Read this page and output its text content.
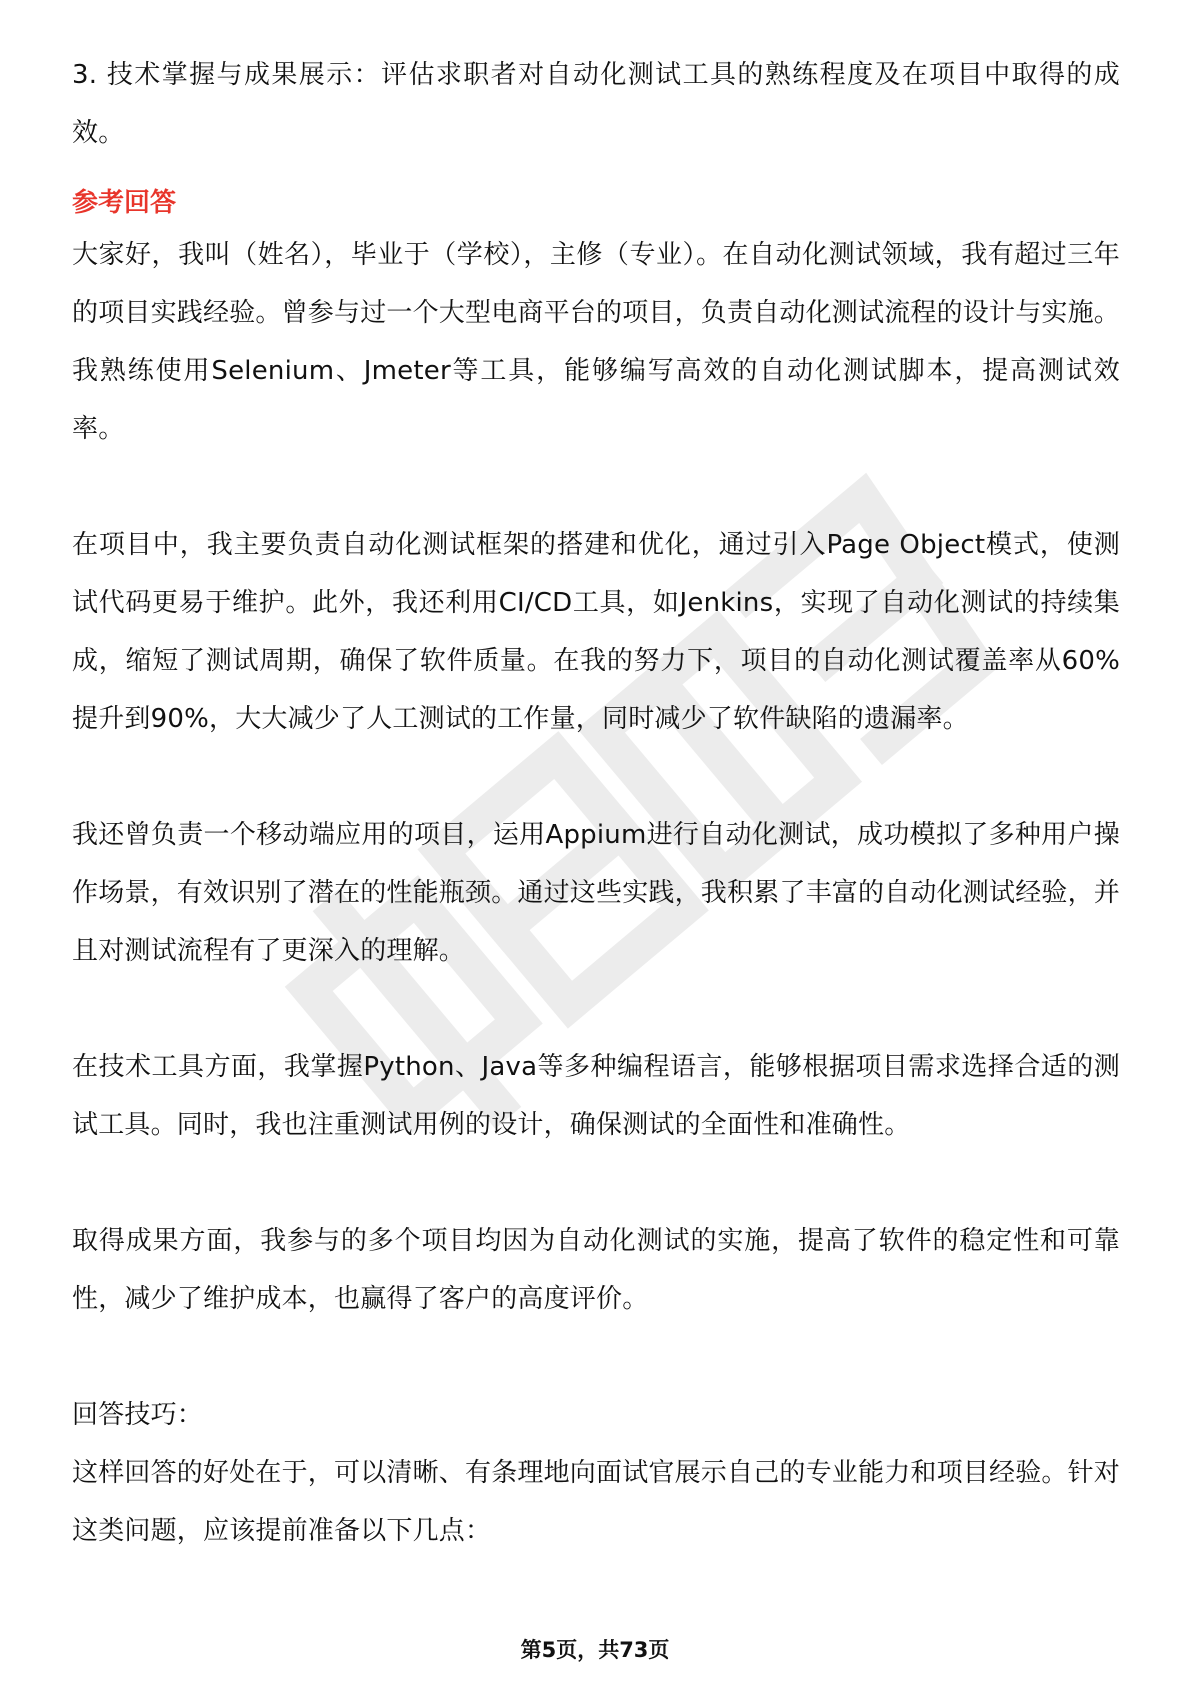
3. 技术掌握与成果展示：评估求职者对自动化测试工具的熟练程度及在项目中取得的成效。

参考回答

大家好，我叫（姓名），毕业于（学校），主修（专业）。在自动化测试领域，我有超过三年的项目实践经验。曾参与过一个大型电商平台的项目，负责自动化测试流程的设计与实施。我熟练使用Selenium、Jmeter等工具，能够编写高效的自动化测试脚本，提高测试效率。

在项目中，我主要负责自动化测试框架的搭建和优化，通过引入Page Object模式，使测试代码更易于维护。此外，我还利用CI/CD工具，如Jenkins，实现了自动化测试的持续集成，缩短了测试周期，确保了软件质量。在我的努力下，项目的自动化测试覆盖率从60%提升到90%，大大减少了人工测试的工作量，同时减少了软件缺陷的遗漏率。

我还曾负责一个移动端应用的项目，运用Appium进行自动化测试，成功模拟了多种用户操作场景，有效识别了潜在的性能瓶颈。通过这些实践，我积累了丰富的自动化测试经验，并且对测试流程有了更深入的理解。

在技术工具方面，我掌握Python、Java等多种编程语言，能够根据项目需求选择合适的测试工具。同时，我也注重测试用例的设计，确保测试的全面性和准确性。

取得成果方面，我参与的多个项目均因为自动化测试的实施，提高了软件的稳定性和可靠性，减少了维护成本，也赢得了客户的高度评价。

回答技巧：

这样回答的好处在于，可以清晰、有条理地向面试官展示自己的专业能力和项目经验。针对这类问题，应该提前准备以下几点：

第5页，共73页
